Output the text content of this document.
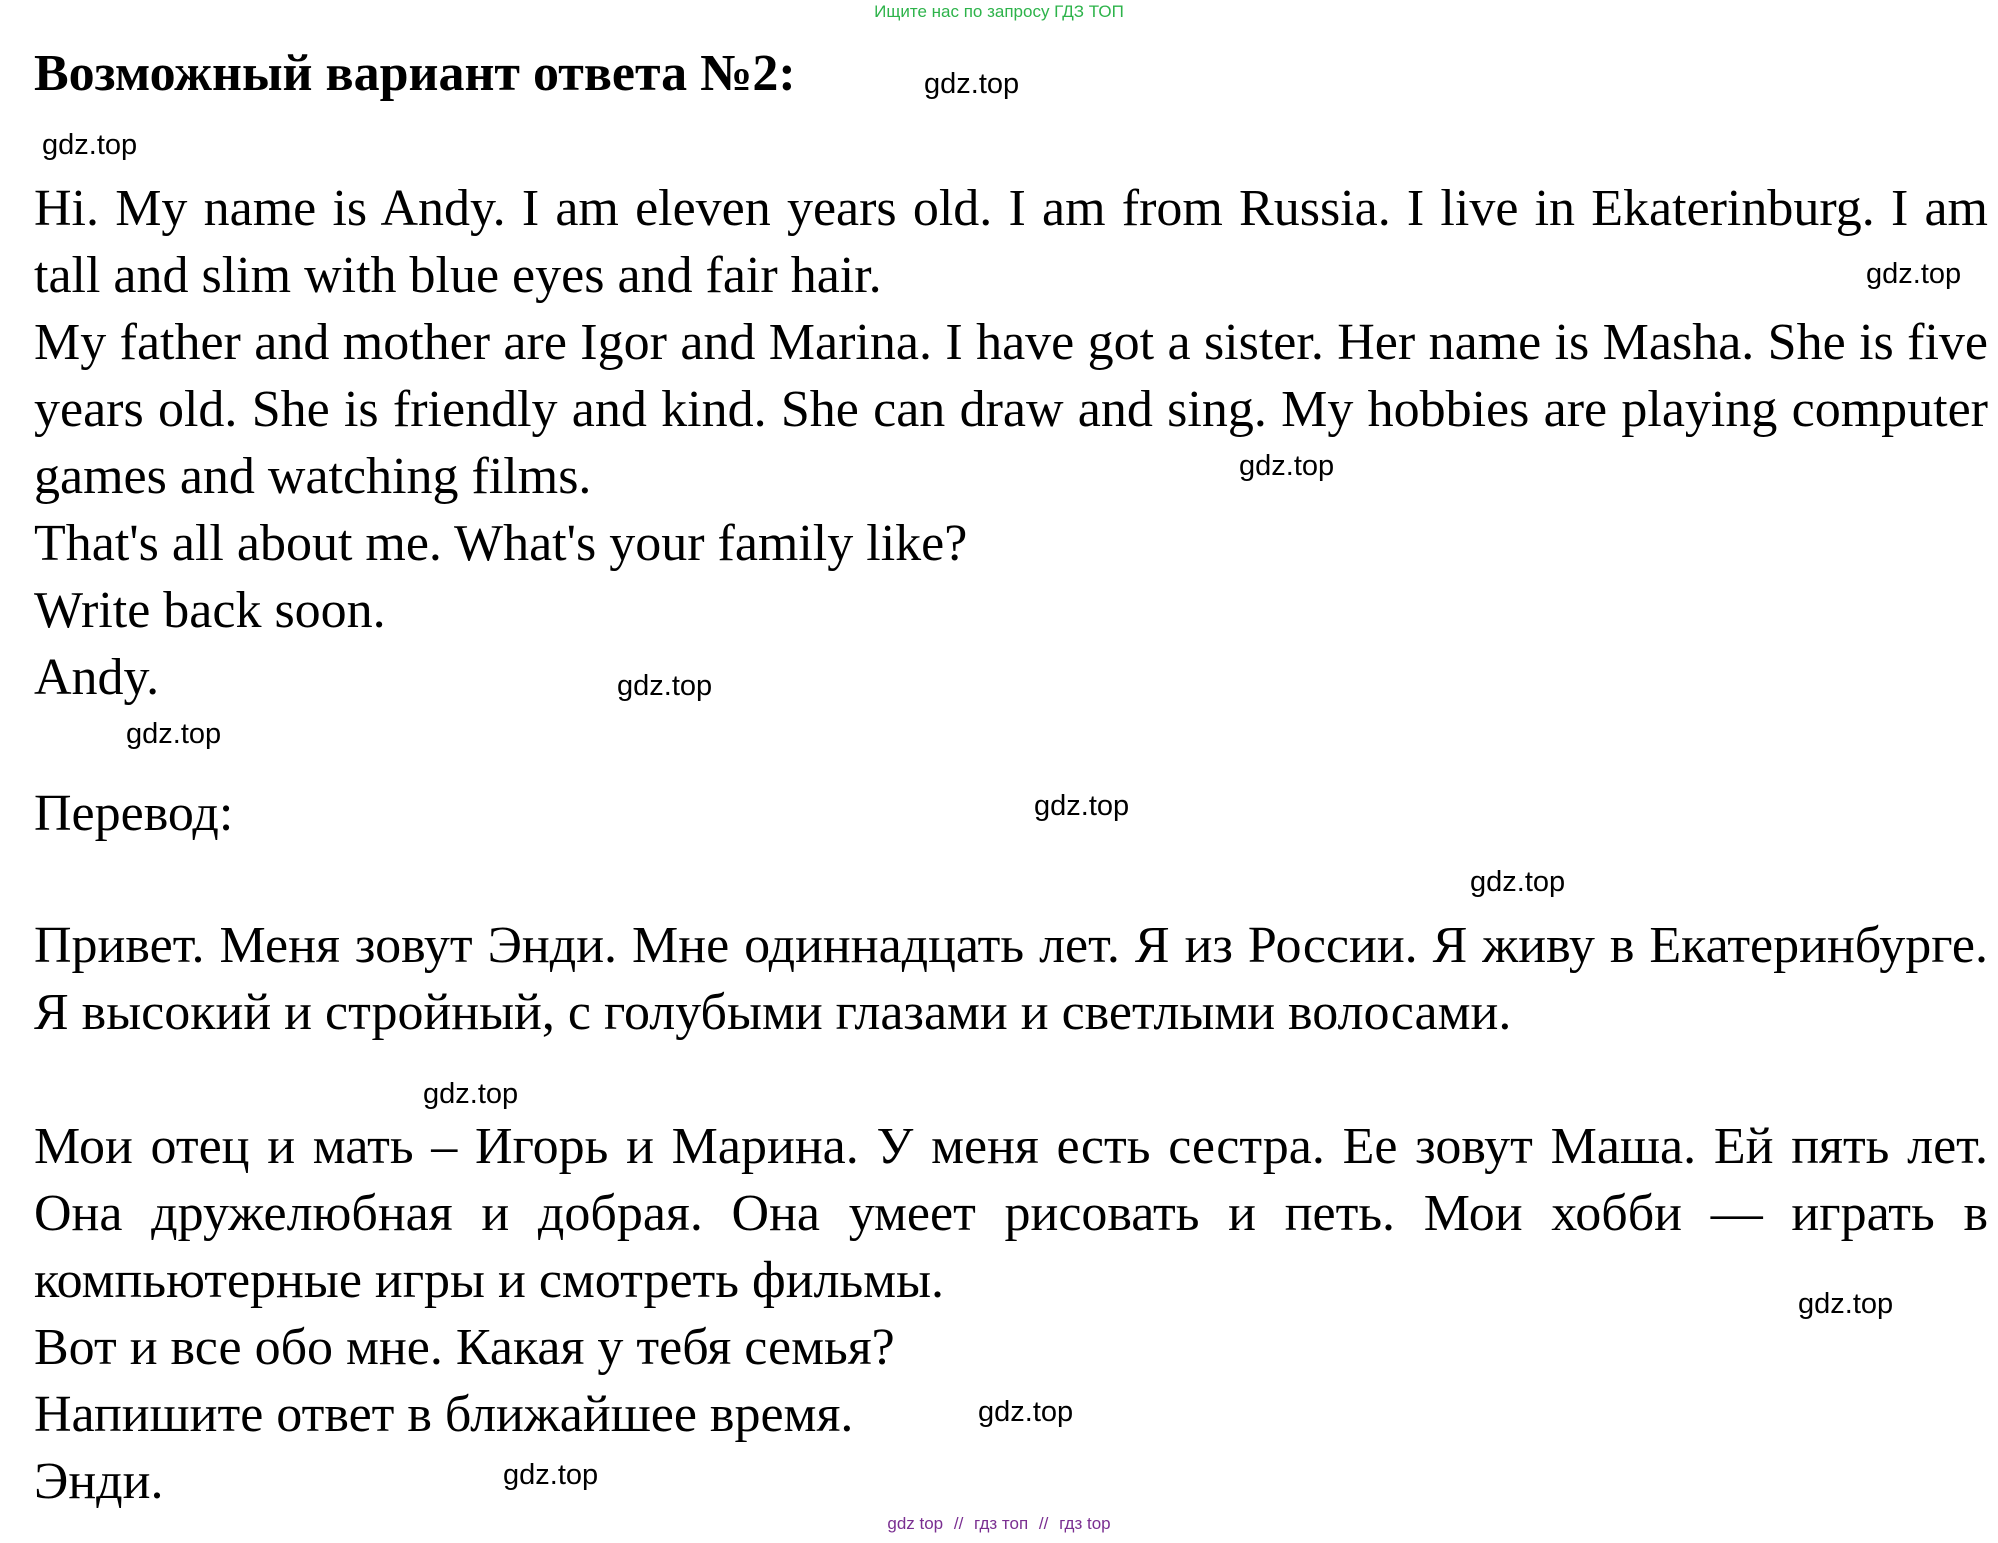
Ищите нас по запросу ГДЗ ТОП
Возможный вариант ответа №2:
Hi. My name is Andy. I am eleven years old. I am from Russia. I live in Ekaterinburg. I am tall and slim with blue eyes and fair hair.
My father and mother are Igor and Marina. I have got a sister. Her name is Masha. She is five years old. She is friendly and kind. She can draw and sing. My hobbies are playing computer games and watching films.
That's all about me. What's your family like?
Write back soon.
Andy.
Перевод:
Привет. Меня зовут Энди. Мне одиннадцать лет. Я из России. Я живу в Екатеринбурге. Я высокий и стройный, с голубыми глазами и светлыми волосами.
Мои отец и мать – Игорь и Марина. У меня есть сестра. Ее зовут Маша. Ей пять лет. Она дружелюбная и добрая. Она умеет рисовать и петь. Мои хобби — играть в компьютерные игры и смотреть фильмы.
Вот и все обо мне. Какая у тебя семья?
Напишите ответ в ближайшее время.
Энди.
gdz.top
gdz.top
gdz.top
gdz.top
gdz.top
gdz.top
gdz.top
gdz.top
gdz.top
gdz.top
gdz.top
gdz.top
gdz top // гдз топ // гдз top
